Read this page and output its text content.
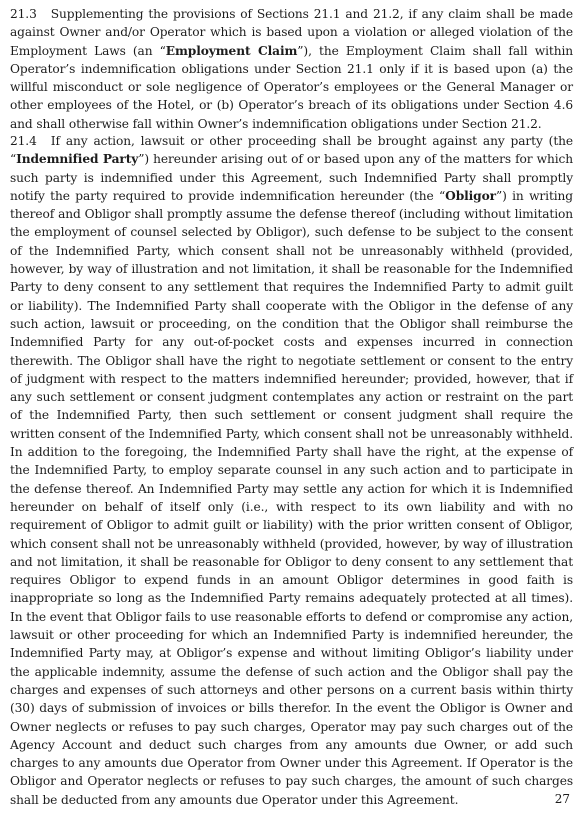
21.3 Supplementing the provisions of Sections 21.1 and 21.2, if any claim shall be made against Owner and/or Operator which is based upon a violation or alleged violation of the Employment Laws (an “Employment Claim”), the Employment Claim shall fall within Operator’s indemnification obligations under Section 21.1 only if it is based upon (a) the willful misconduct or sole negligence of Operator’s employees or the General Manager or other employees of the Hotel, or (b) Operator’s breach of its obligations under Section 4.6 and shall otherwise fall within Owner’s indemnification obligations under Section 21.2.

21.4 If any action, lawsuit or other proceeding shall be brought against any party (the “Indemnified Party”) hereunder arising out of or based upon any of the matters for which such party is indemnified under this Agreement, such Indemnified Party shall promptly notify the party required to provide indemnification hereunder (the “Obligor”) in writing thereof and Obligor shall promptly assume the defense thereof (including without limitation the employment of counsel selected by Obligor), such defense to be subject to the consent of the Indemnified Party, which consent shall not be unreasonably withheld (provided, however, by way of illustration and not limitation, it shall be reasonable for the Indemnified Party to deny consent to any settlement that requires the Indemnified Party to admit guilt or liability). The Indemnified Party shall cooperate with the Obligor in the defense of any such action, lawsuit or proceeding, on the condition that the Obligor shall reimburse the Indemnified Party for any out-of-pocket costs and expenses incurred in connection therewith. The Obligor shall have the right to negotiate settlement or consent to the entry of judgment with respect to the matters indemnified hereunder; provided, however, that if any such settlement or consent judgment contemplates any action or restraint on the part of the Indemnified Party, then such settlement or consent judgment shall require the written consent of the Indemnified Party, which consent shall not be unreasonably withheld. In addition to the foregoing, the Indemnified Party shall have the right, at the expense of the Indemnified Party, to employ separate counsel in any such action and to participate in the defense thereof. An Indemnified Party may settle any action for which it is Indemnified hereunder on behalf of itself only (i.e., with respect to its own liability and with no requirement of Obligor to admit guilt or liability) with the prior written consent of Obligor, which consent shall not be unreasonably withheld (provided, however, by way of illustration and not limitation, it shall be reasonable for Obligor to deny consent to any settlement that requires Obligor to expend funds in an amount Obligor determines in good faith is inappropriate so long as the Indemnified Party remains adequately protected at all times). In the event that Obligor fails to use reasonable efforts to defend or compromise any action, lawsuit or other proceeding for which an Indemnified Party is indemnified hereunder, the Indemnified Party may, at Obligor’s expense and without limiting Obligor’s liability under the applicable indemnity, assume the defense of such action and the Obligor shall pay the charges and expenses of such attorneys and other persons on a current basis within thirty (30) days of submission of invoices or bills therefor. In the event the Obligor is Owner and Owner neglects or refuses to pay such charges, Operator may pay such charges out of the Agency Account and deduct such charges from any amounts due Owner, or add such charges to any amounts due Operator from Owner under this Agreement. If Operator is the Obligor and Operator neglects or refuses to pay such charges, the amount of such charges shall be deducted from any amounts due Operator under this Agreement.	27
